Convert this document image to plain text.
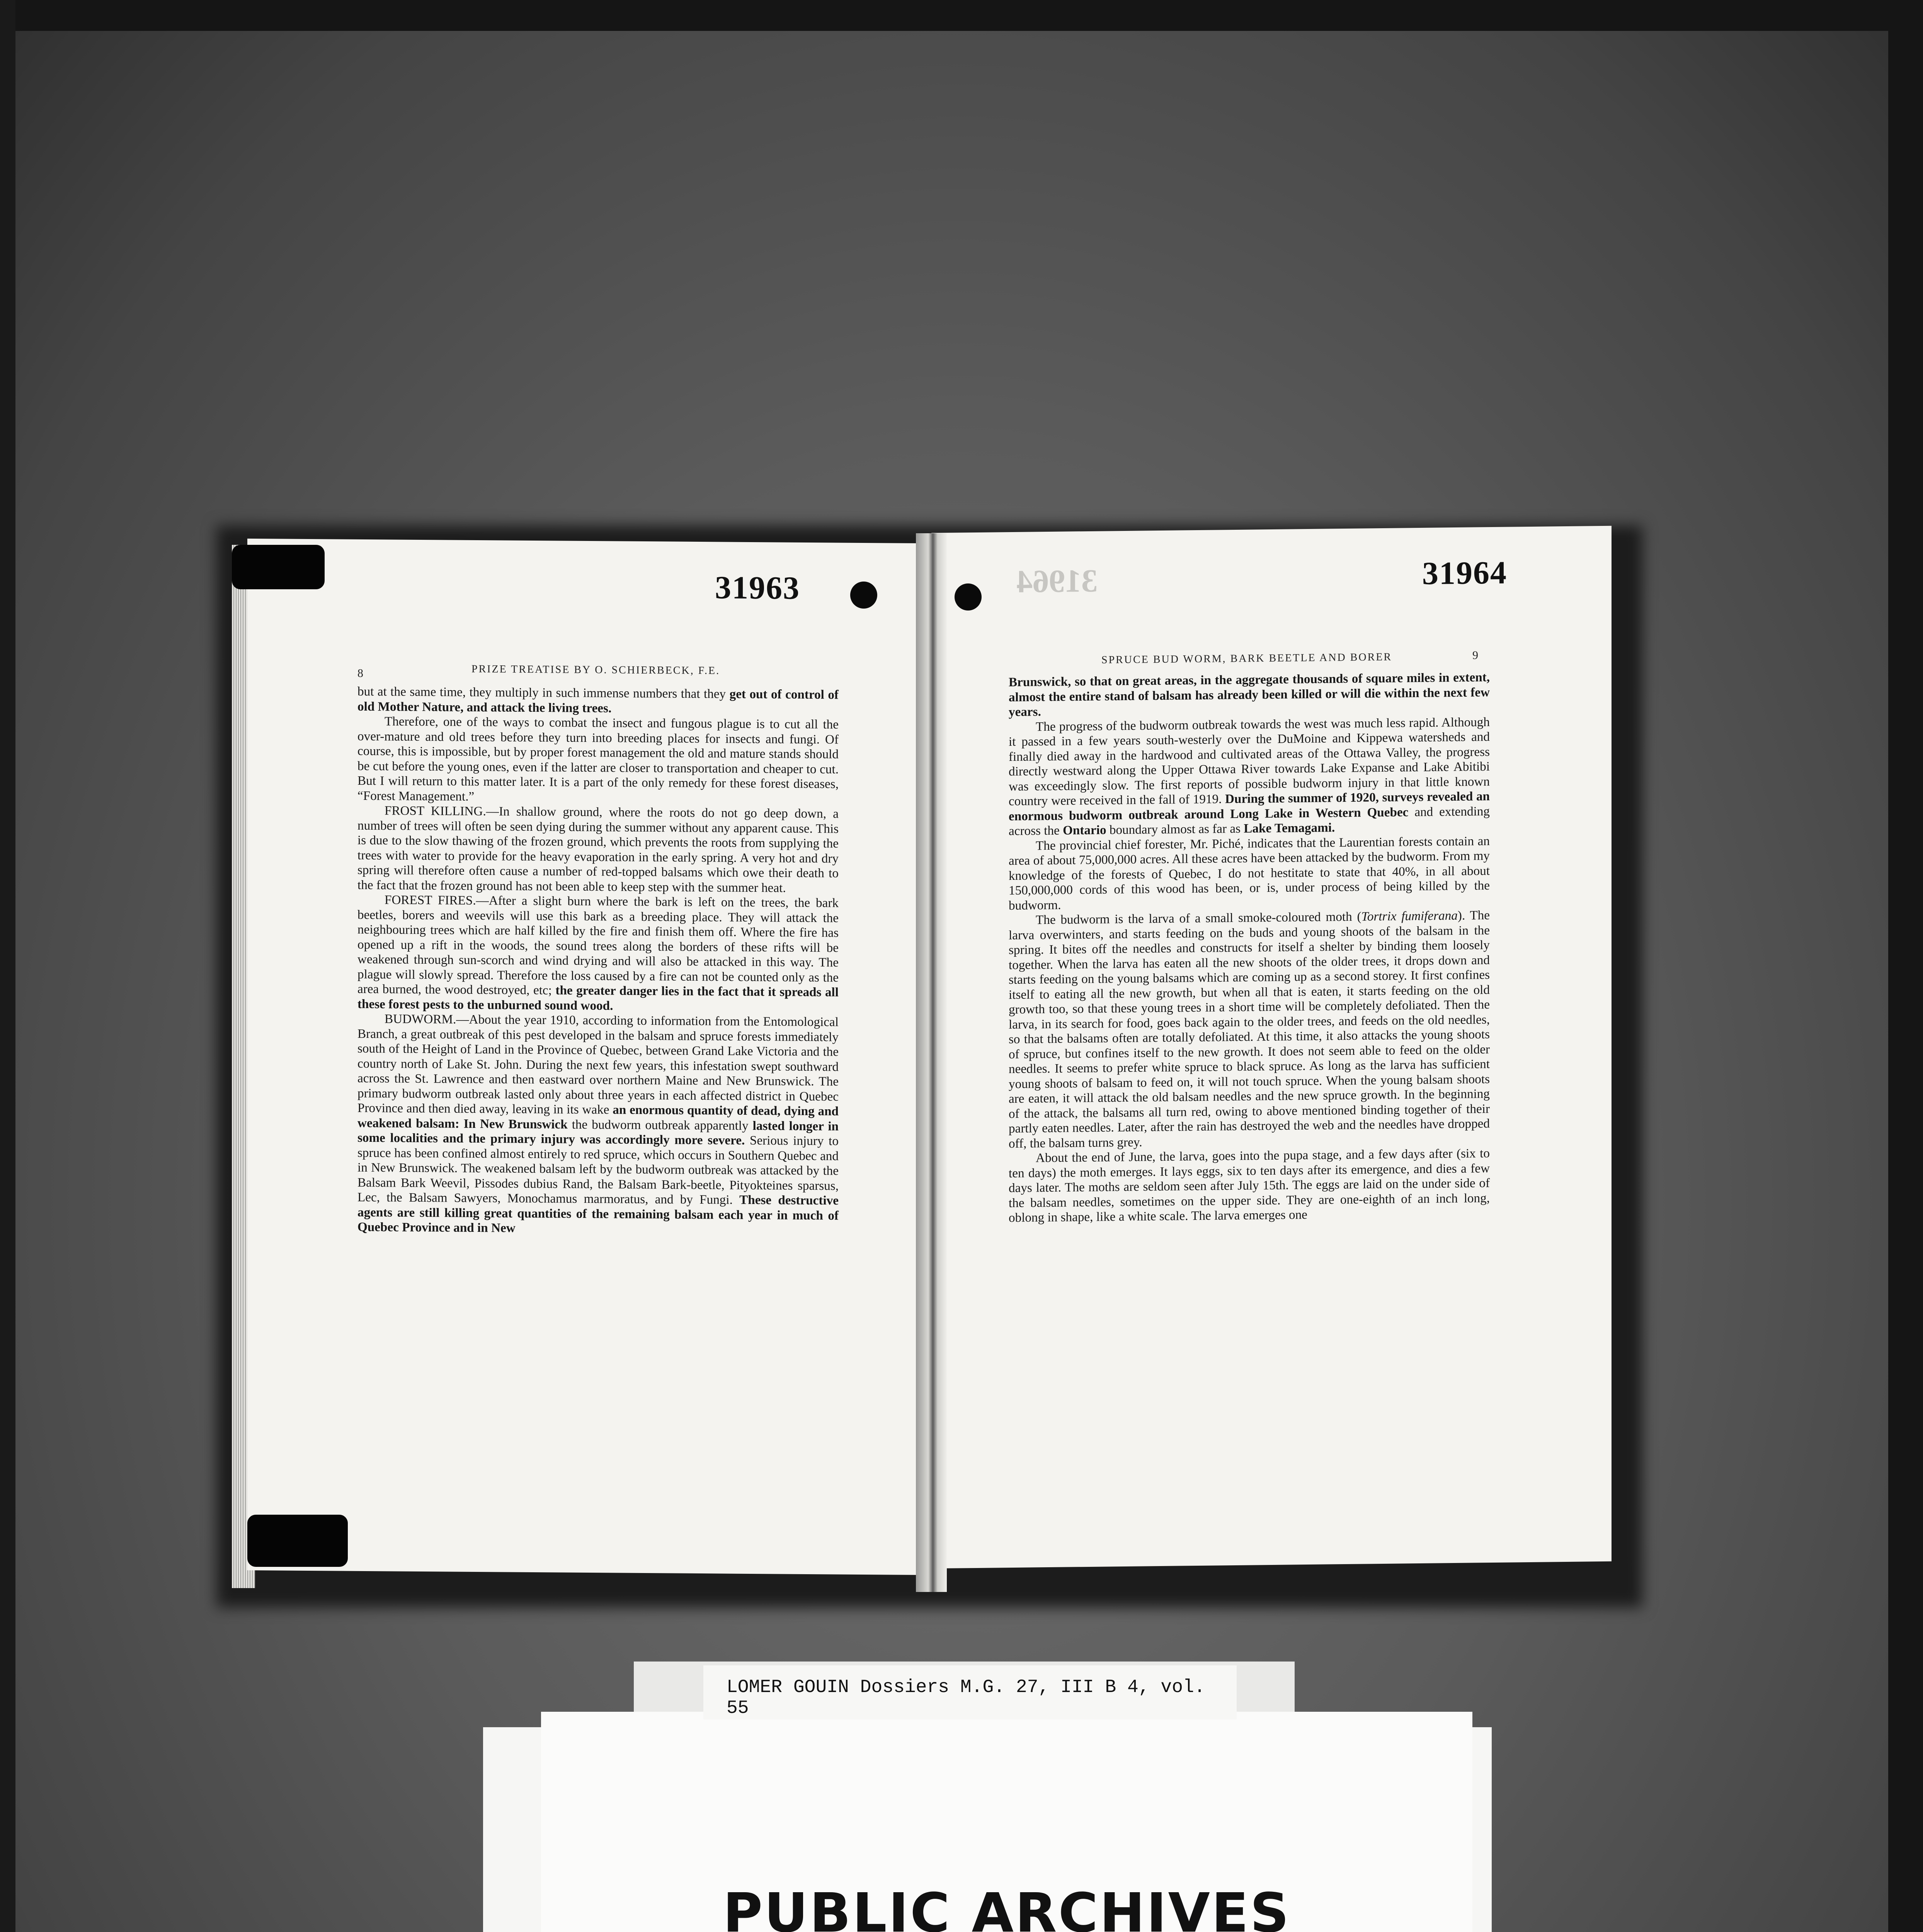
31963
8	PRIZE TREATISE BY O. SCHIERBECK, F.E.

but at the same time, they multiply in such immense numbers that they get out of control of old Mother Nature, and attack the living trees.

Therefore, one of the ways to combat the insect and fungous plague is to cut all the over-mature and old trees before they turn into breeding places for insects and fungi. Of course, this is impossible, but by proper forest management the old and mature stands should be cut before the young ones, even if the latter are closer to transportation and cheaper to cut. But I will return to this matter later. It is a part of the only remedy for these forest diseases, “Forest Management.”

FROST KILLING.—In shallow ground, where the roots do not go deep down, a number of trees will often be seen dying during the summer without any apparent cause. This is due to the slow thawing of the frozen ground, which prevents the roots from supplying the trees with water to provide for the heavy evaporation in the early spring. A very hot and dry spring will therefore often cause a number of red-topped balsams which owe their death to the fact that the frozen ground has not been able to keep step with the summer heat.

FOREST FIRES.—After a slight burn where the bark is left on the trees, the bark beetles, borers and weevils will use this bark as a breeding place. They will attack the neighbouring trees which are half killed by the fire and finish them off. Where the fire has opened up a rift in the woods, the sound trees along the borders of these rifts will be weakened through sun-scorch and wind drying and will also be attacked in this way. The plague will slowly spread. Therefore the loss caused by a fire can not be counted only as the area burned, the wood destroyed, etc; the greater danger lies in the fact that it spreads all these forest pests to the unburned sound wood.

BUDWORM.—About the year 1910, according to information from the Entomological Branch, a great outbreak of this pest developed in the balsam and spruce forests immediately south of the Height of Land in the Province of Quebec, between Grand Lake Victoria and the country north of Lake St. John. During the next few years, this infestation swept southward across the St. Lawrence and then eastward over northern Maine and New Brunswick. The primary budworm outbreak lasted only about three years in each affected district in Quebec Province and then died away, leaving in its wake an enormous quantity of dead, dying and weakened balsam: In New Brunswick the budworm outbreak apparently lasted longer in some localities and the primary injury was accordingly more severe. Serious injury to spruce has been confined almost entirely to red spruce, which occurs in Southern Quebec and in New Brunswick. The weakened balsam left by the budworm outbreak was attacked by the Balsam Bark Weevil, Pissodes dubius Rand, the Balsam Bark-beetle, Pityokteines sparsus, Lec, the Balsam Sawyers, Monochamus marmoratus, and by Fungi. These destructive agents are still killing great quantities of the remaining balsam each year in much of Quebec Province and in New

31964	31964
SPRUCE BUD WORM, BARK BEETLE AND BORER	9

Brunswick, so that on great areas, in the aggregate thousands of square miles in extent, almost the entire stand of balsam has already been killed or will die within the next few years.

The progress of the budworm outbreak towards the west was much less rapid. Although it passed in a few years south-westerly over the DuMoine and Kippewa watersheds and finally died away in the hardwood and cultivated areas of the Ottawa Valley, the progress directly westward along the Upper Ottawa River towards Lake Expanse and Lake Abitibi was exceedingly slow. The first reports of possible budworm injury in that little known country were received in the fall of 1919. During the summer of 1920, surveys revealed an enormous budworm outbreak around Long Lake in Western Quebec and extending across the Ontario boundary almost as far as Lake Temagami.

The provincial chief forester, Mr. Piché, indicates that the Laurentian forests contain an area of about 75,000,000 acres. All these acres have been attacked by the budworm. From my knowledge of the forests of Quebec, I do not hestitate to state that 40%, in all about 150,000,000 cords of this wood has been, or is, under process of being killed by the budworm.

The budworm is the larva of a small smoke-coloured moth (Tortrix fumiferana). The larva overwinters, and starts feeding on the buds and young shoots of the balsam in the spring. It bites off the needles and constructs for itself a shelter by binding them loosely together. When the larva has eaten all the new shoots of the older trees, it drops down and starts feeding on the young balsams which are coming up as a second storey. It first confines itself to eating all the new growth, but when all that is eaten, it starts feeding on the old growth too, so that these young trees in a short time will be completely defoliated. Then the larva, in its search for food, goes back again to the older trees, and feeds on the old needles, so that the balsams often are totally defoliated. At this time, it also attacks the young shoots of spruce, but confines itself to the new growth. It does not seem able to feed on the older needles. It seems to prefer white spruce to black spruce. As long as the larva has sufficient young shoots of balsam to feed on, it will not touch spruce. When the young balsam shoots are eaten, it will attack the old balsam needles and the new spruce growth. In the beginning of the attack, the balsams all turn red, owing to above mentioned binding together of their partly eaten needles. Later, after the rain has destroyed the web and the needles have dropped off, the balsam turns grey.

About the end of June, the larva, goes into the pupa stage, and a few days after (six to ten days) the moth emerges. It lays eggs, six to ten days after its emergence, and dies a few days later. The moths are seldom seen after July 15th. The eggs are laid on the under side of the balsam needles, sometimes on the upper side. They are one-eighth of an inch long, oblong in shape, like a white scale. The larva emerges one

PUBLIC ARCHIVES
LOMER GOUIN Dossiers M.G. 27, III B 4, vol. 55
